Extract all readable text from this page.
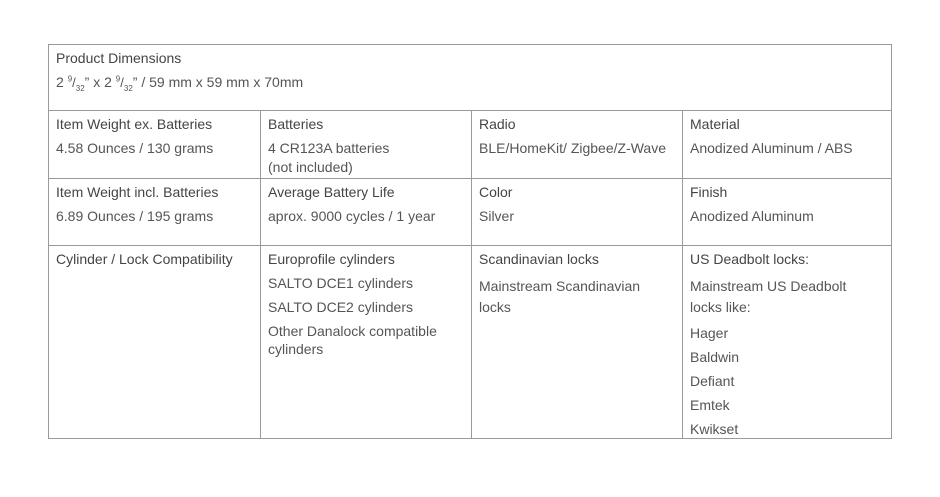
Product Dimensions

2 $^9/_{32}$” x 2 $^9/_{32}$” / 59 mm x 59 mm x 70mm

Item Weight ex. Batteries

4.58 Ounces / 130 grams

Batteries

4 CR123A batteries

(not included)

Radio

BLE/HomeKit/ Zigbee/Z-Wave

Material

Anodized Aluminum / ABS

Item Weight incl. Batteries

6.89 Ounces / 195 grams

Average Battery Life

aprox. 9000 cycles / 1 year

Color

Silver

Finish

Anodized Aluminum

Cylinder / Lock Compatibility	Europrofile cylinders

SALTO DCE1 cylinders

SALTO DCE2 cylinders

Other Danalock compatible cylinders

Scandinavian locks

Mainstream Scandinavian locks

US Deadbolt locks:

Mainstream US Deadbolt locks like:

Hager

Baldwin

Defiant

Emtek

Kwikset
